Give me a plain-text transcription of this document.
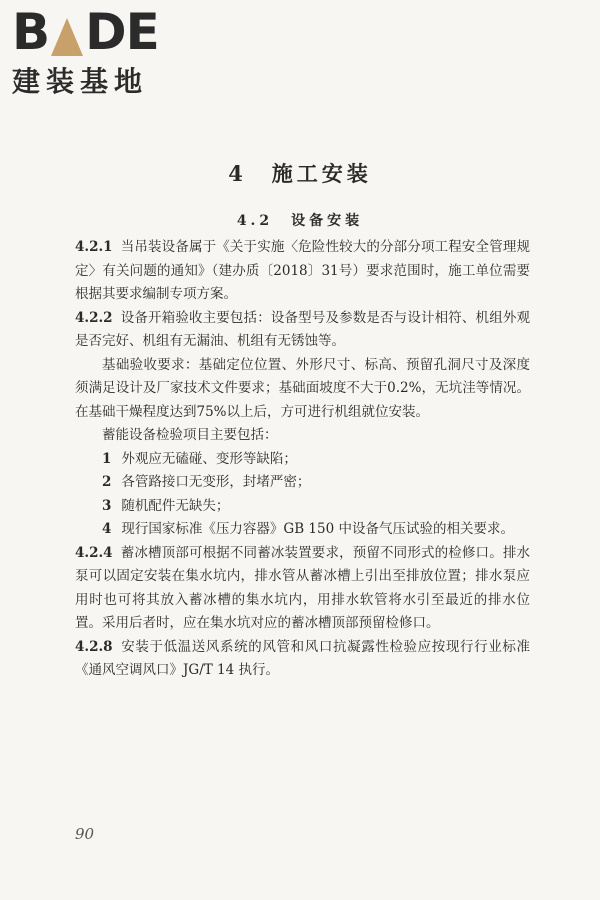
B DE
建装基地
4　施工安装
4.2　设备安装

4.2.1 当吊装设备属于《关于实施〈危险性较大的分部分项工程安全管理规定〉有关问题的通知》（建办质〔2018〕31号）要求范围时，施工单位需要根据其要求编制专项方案。

4.2.2 设备开箱验收主要包括：设备型号及参数是否与设计相符、机组外观是否完好、机组有无漏油、机组有无锈蚀等。

基础验收要求：基础定位位置、外形尺寸、标高、预留孔洞尺寸及深度须满足设计及厂家技术文件要求；基础面坡度不大于0.2%，无坑洼等情况。在基础干燥程度达到75%以上后，方可进行机组就位安装。

蓄能设备检验项目主要包括：

1 外观应无磕碰、变形等缺陷；

2 各管路接口无变形，封堵严密；

3 随机配件无缺失；

4 现行国家标准《压力容器》GB 150 中设备气压试验的相关要求。

4.2.4 蓄冰槽顶部可根据不同蓄冰装置要求，预留不同形式的检修口。排水泵可以固定安装在集水坑内，排水管从蓄冰槽上引出至排放位置；排水泵应用时也可将其放入蓄冰槽的集水坑内，用排水软管将水引至最近的排水位置。采用后者时，应在集水坑对应的蓄冰槽顶部预留检修口。

4.2.8 安装于低温送风系统的风管和风口抗凝露性检验应按现行行业标准《通风空调风口》JG/T 14 执行。

90
